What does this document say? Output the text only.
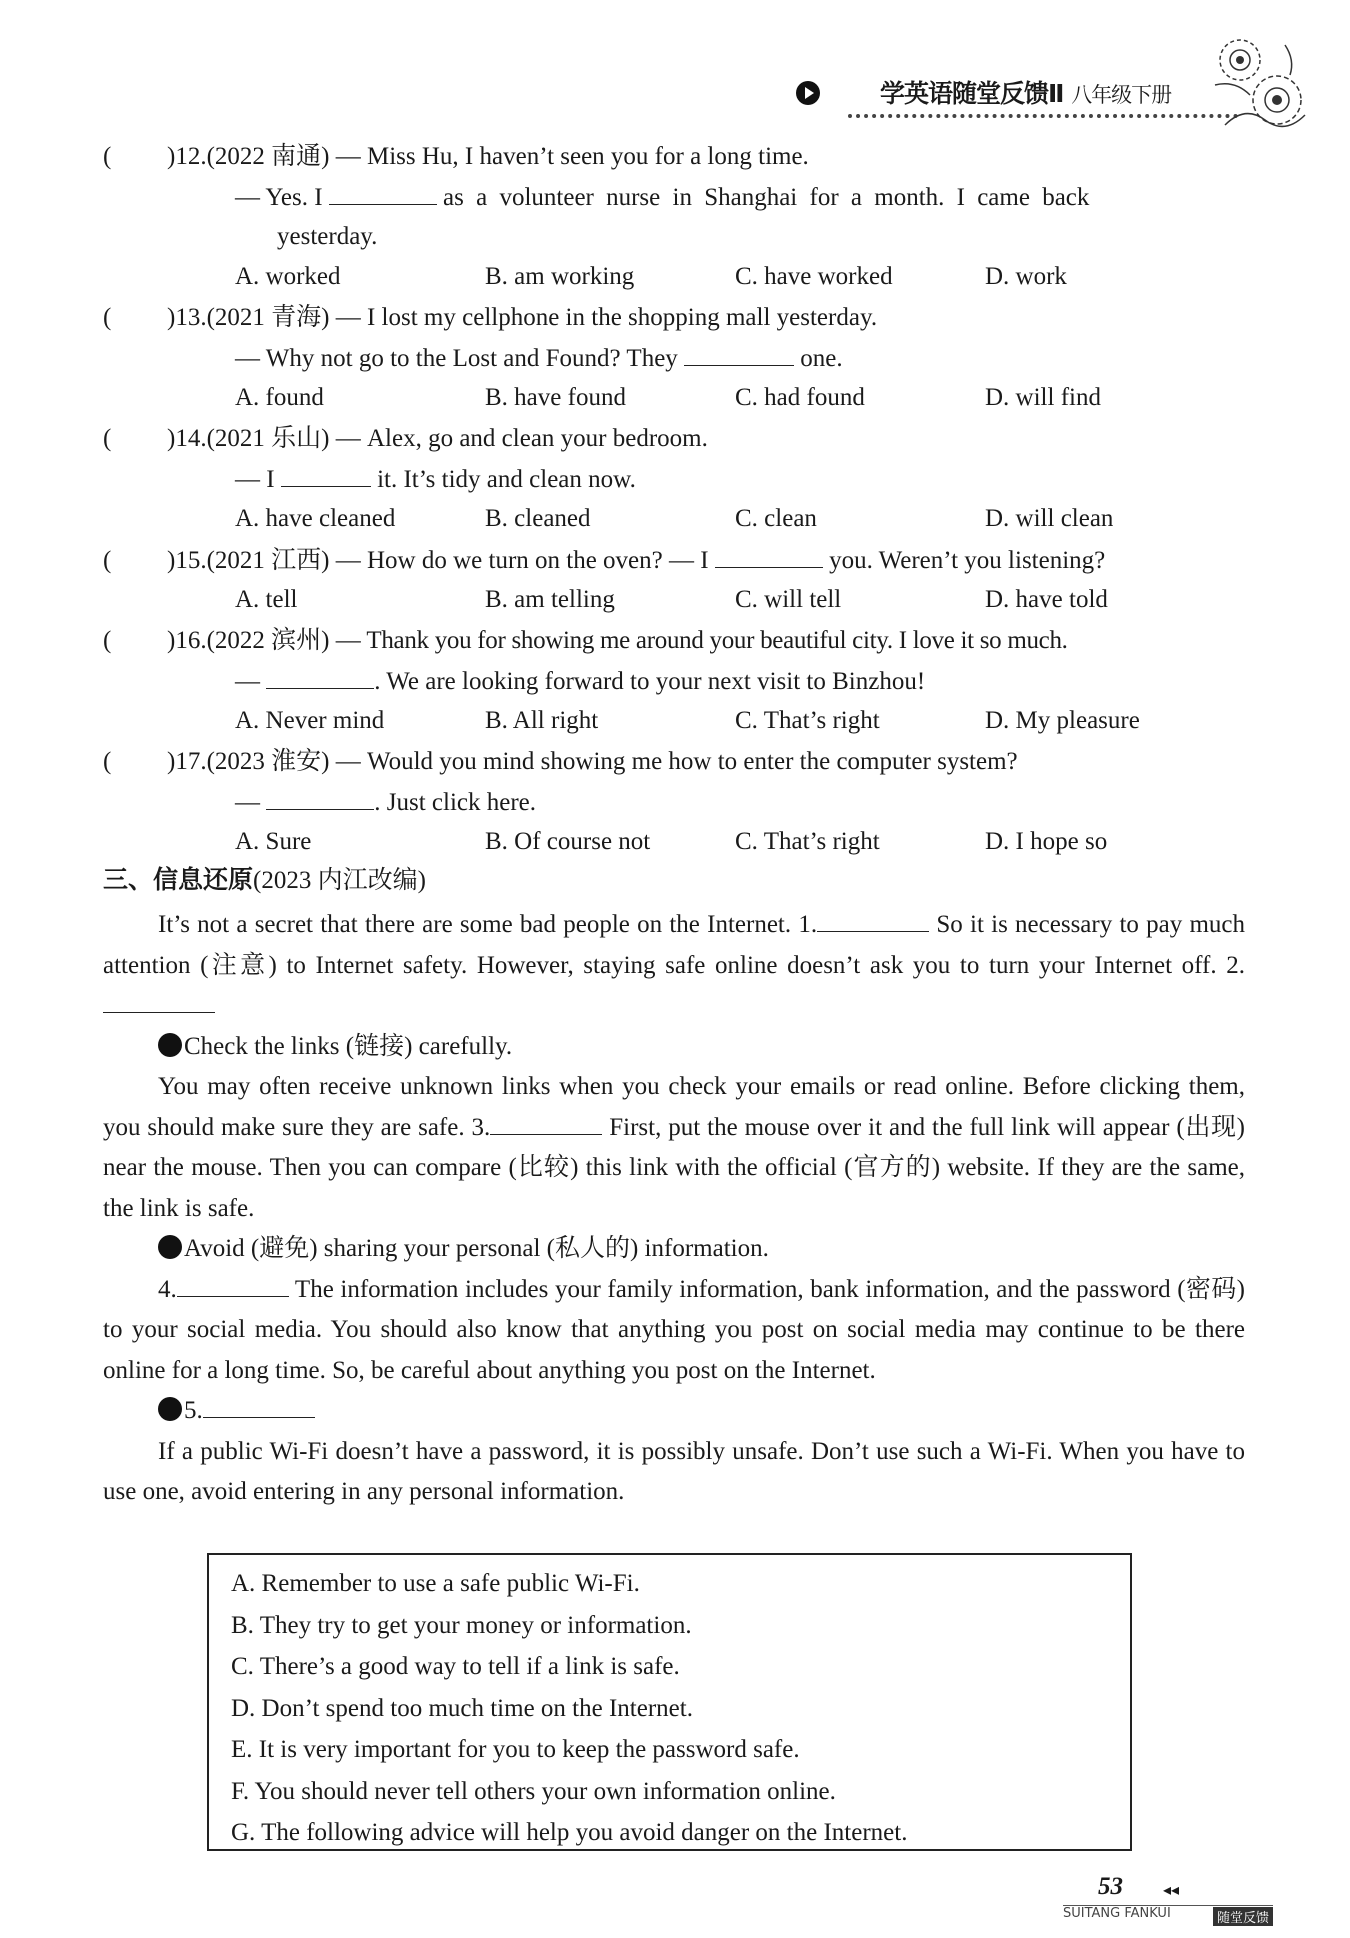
学英语随堂反馈Ⅱ 八年级下册
( )12.(2022 南通) — Miss Hu, I haven’t seen you for a long time.
— Yes. I	as a volunteer nurse in Shanghai for a month. I came back
yesterday.
A. worked	B. am working	C. have worked	D. work
( )13.(2021 青海) — I lost my cellphone in the shopping mall yesterday.
— Why not go to the Lost and Found? They	one.
A. found	B. have found	C. had found	D. will find
( )14.(2021 乐山) — Alex, go and clean your bedroom.
— I	it. It’s tidy and clean now.
A. have cleaned	B. cleaned	C. clean	D. will clean
( )15.(2021 江西) — How do we turn on the oven? — I	you. Weren’t you listening?
A. tell	B. am telling	C. will tell	D. have told
( )16.(2022 滨州) — Thank you for showing me around your beautiful city. I love it so much.
—	. We are looking forward to your next visit to Binzhou!
A. Never mind	B. All right	C. That’s right	D. My pleasure
( )17.(2023 淮安) — Would you mind showing me how to enter the computer system?
—	. Just click here.
A. Sure	B. Of course not	C. That’s right	D. I hope so
三、信息还原(2023 内江改编)

It’s not a secret that there are some bad people on the Internet. 1.	So it is necessary to pay much attention (注意) to Internet safety. However, staying safe online doesn’t ask you to turn your Internet off. 2.

Check the links (链接) carefully.

You may often receive unknown links when you check your emails or read online. Before clicking them, you should make sure they are safe. 3.	First, put the mouse over it and the full link will appear (出现) near the mouse. Then you can compare (比较) this link with the official (官方的) website. If they are the same, the link is safe.

Avoid (避免) sharing your personal (私人的) information.

4.	The information includes your family information, bank information, and the password (密码) to your social media. You should also know that anything you post on social media may continue to be there online for a long time. So, be careful about anything you post on the Internet.

5.

If a public Wi-Fi doesn’t have a password, it is possibly unsafe. Don’t use such a Wi-Fi. When you have to use one, avoid entering in any personal information.

A. Remember to use a safe public Wi-Fi.
B. They try to get your money or information.
C. There’s a good way to tell if a link is safe.
D. Don’t spend too much time on the Internet.
E. It is very important for you to keep the password safe.
F. You should never tell others your own information online.
G. The following advice will help you avoid danger on the Internet.
53	◂◂
SUITANG FANKUI	随堂反馈
